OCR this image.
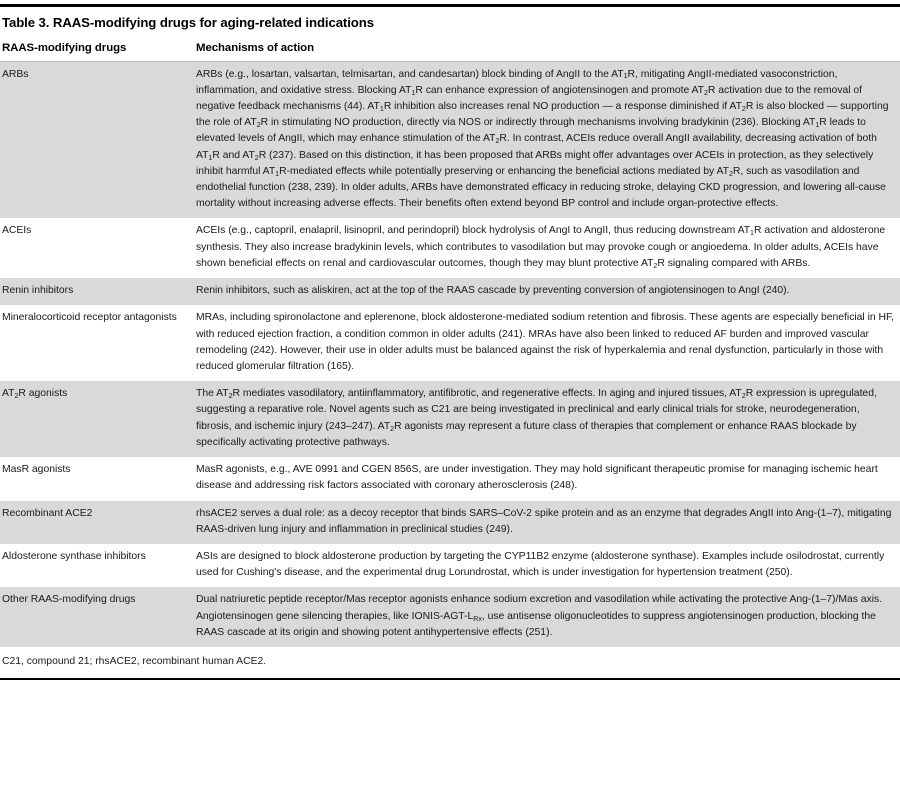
Table 3. RAAS-modifying drugs for aging-related indications
RAAS-modifying drugs	Mechanisms of action
ARBs	ARBs (e.g., losartan, valsartan, telmisartan, and candesartan) block binding of AngII to the $AT_1R$, mitigating AngII-mediated vasoconstriction, inflammation, and oxidative stress. Blocking $AT_1R$ can enhance expression of angiotensinogen and promote $AT_2R$ activation due to the removal of negative feedback mechanisms (44). $AT_1R$ inhibition also increases renal NO production — a response diminished if $AT_2R$ is also blocked — supporting the role of $AT_2R$ in stimulating NO production, directly via NOS or indirectly through mechanisms involving bradykinin (236). Blocking $AT_1R$ leads to elevated levels of AngII, which may enhance stimulation of the $AT_2R$. In contrast, ACEIs reduce overall AngII availability, decreasing activation of both $AT_1R$ and $AT_2R$ (237). Based on this distinction, it has been proposed that ARBs might offer advantages over ACEIs in protection, as they selectively inhibit harmful $AT_1R$-mediated effects while potentially preserving or enhancing the beneficial actions mediated by $AT_2R$, such as vasodilation and endothelial function (238, 239). In older adults, ARBs have demonstrated efficacy in reducing stroke, delaying CKD progression, and lowering all-cause mortality without increasing adverse effects. Their benefits often extend beyond BP control and include organ-protective effects.
ACEIs	ACEIs (e.g., captopril, enalapril, lisinopril, and perindopril) block hydrolysis of AngI to AngII, thus reducing downstream $AT_1R$ activation and aldosterone synthesis. They also increase bradykinin levels, which contributes to vasodilation but may provoke cough or angioedema. In older adults, ACEIs have shown beneficial effects on renal and cardiovascular outcomes, though they may blunt protective $AT_2R$ signaling compared with ARBs.
Renin inhibitors	Renin inhibitors, such as aliskiren, act at the top of the RAAS cascade by preventing conversion of angiotensinogen to AngI (240).
Mineralocorticoid receptor antagonists	MRAs, including spironolactone and eplerenone, block aldosterone-mediated sodium retention and fibrosis. These agents are especially beneficial in HF, with reduced ejection fraction, a condition common in older adults (241). MRAs have also been linked to reduced AF burden and improved vascular remodeling (242). However, their use in older adults must be balanced against the risk of hyperkalemia and renal dysfunction, particularly in those with reduced glomerular filtration (165).
$AT_2R$ agonists	The $AT_2R$ mediates vasodilatory, antiinflammatory, antifibrotic, and regenerative effects. In aging and injured tissues, $AT_2R$ expression is upregulated, suggesting a reparative role. Novel agents such as C21 are being investigated in preclinical and early clinical trials for stroke, neurodegeneration, fibrosis, and ischemic injury (243–247). $AT_2R$ agonists may represent a future class of therapies that complement or enhance RAAS blockade by specifically activating protective pathways.
MasR agonists	MasR agonists, e.g., AVE 0991 and CGEN 856S, are under investigation. They may hold significant therapeutic promise for managing ischemic heart disease and addressing risk factors associated with coronary atherosclerosis (248).
Recombinant ACE2	rhsACE2 serves a dual role: as a decoy receptor that binds SARS–CoV-2 spike protein and as an enzyme that degrades AngII into Ang-(1–7), mitigating RAAS-driven lung injury and inflammation in preclinical studies (249).
Aldosterone synthase inhibitors	ASIs are designed to block aldosterone production by targeting the CYP11B2 enzyme (aldosterone synthase). Examples include osilodrostat, currently used for Cushing's disease, and the experimental drug Lorundrostat, which is under investigation for hypertension treatment (250).
Other RAAS-modifying drugs	Dual natriuretic peptide receptor/Mas receptor agonists enhance sodium excretion and vasodilation while activating the protective Ang-(1–7)/Mas axis. Angiotensinogen gene silencing therapies, like IONIS-$AGT-L_{Rx}$, use antisense oligonucleotides to suppress angiotensinogen production, blocking the RAAS cascade at its origin and showing potent antihypertensive effects (251).
C21, compound 21; rhsACE2, recombinant human ACE2.
